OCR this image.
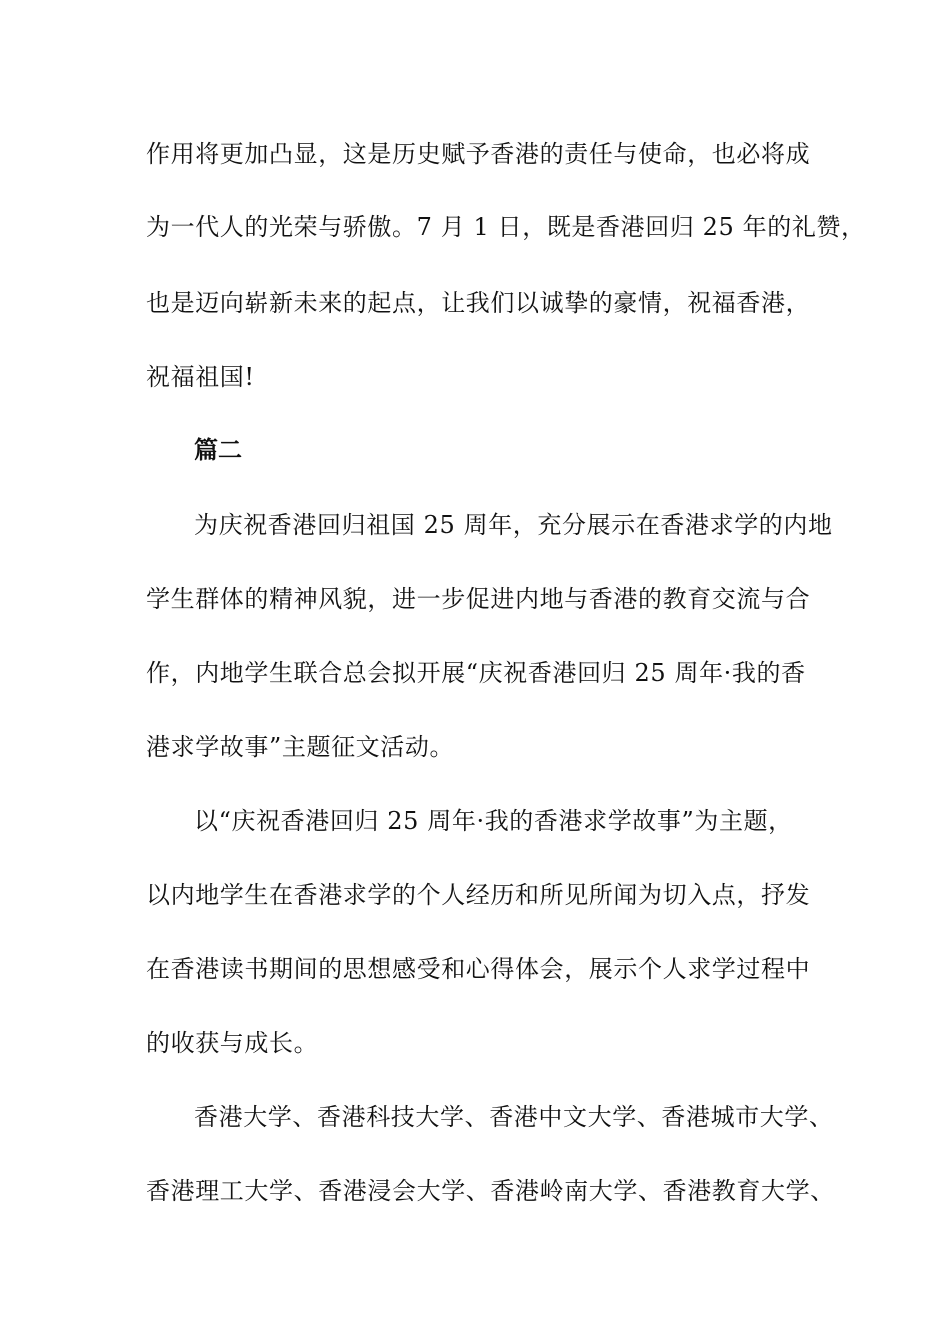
作用将更加凸显，这是历史赋予香港的责任与使命，也必将成
为一代人的光荣与骄傲。7 月 1 日，既是香港回归 25 年的礼赞，
也是迈向崭新未来的起点，让我们以诚挚的豪情，祝福香港，
祝福祖国!
篇二
为庆祝香港回归祖国 25 周年，充分展示在香港求学的内地
学生群体的精神风貌，进一步促进内地与香港的教育交流与合
作，内地学生联合总会拟开展“庆祝香港回归 25 周年·我的香
港求学故事”主题征文活动。
以“庆祝香港回归 25 周年·我的香港求学故事”为主题，
以内地学生在香港求学的个人经历和所见所闻为切入点，抒发
在香港读书期间的思想感受和心得体会，展示个人求学过程中
的收获与成长。
香港大学、香港科技大学、香港中文大学、香港城市大学、
香港理工大学、香港浸会大学、香港岭南大学、香港教育大学、
